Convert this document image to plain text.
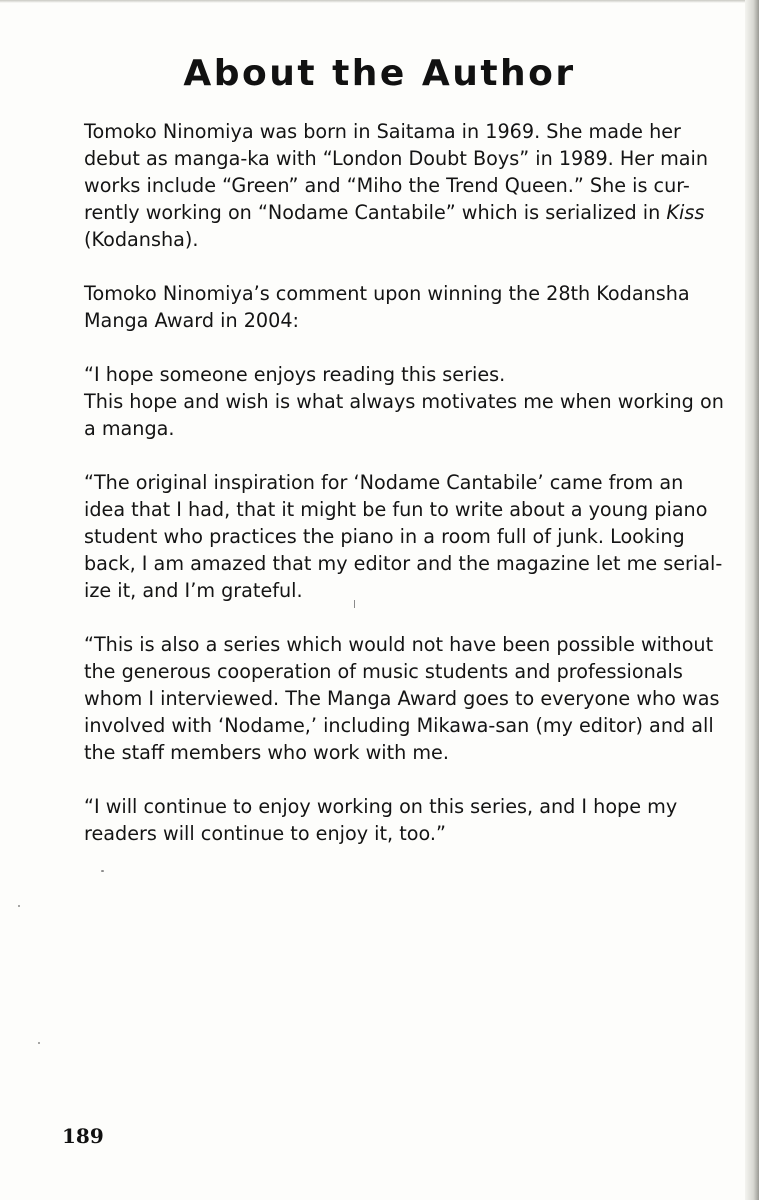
About the Author

Tomoko Ninomiya was born in Saitama in 1969. She made her
debut as manga-ka with “London Doubt Boys” in 1989. Her main
works include “Green” and “Miho the Trend Queen.” She is cur-
rently working on “Nodame Cantabile” which is serialized in Kiss
(Kodansha).

Tomoko Ninomiya’s comment upon winning the 28th Kodansha
Manga Award in 2004:

“I hope someone enjoys reading this series.
This hope and wish is what always motivates me when working on
a manga.

“The original inspiration for ‘Nodame Cantabile’ came from an
idea that I had, that it might be fun to write about a young piano
student who practices the piano in a room full of junk. Looking
back, I am amazed that my editor and the magazine let me serial-
ize it, and I’m grateful.

“This is also a series which would not have been possible without
the generous cooperation of music students and professionals
whom I interviewed. The Manga Award goes to everyone who was
involved with ‘Nodame,’ including Mikawa-san (my editor) and all
the staff members who work with me.

“I will continue to enjoy working on this series, and I hope my
readers will continue to enjoy it, too.”

189
